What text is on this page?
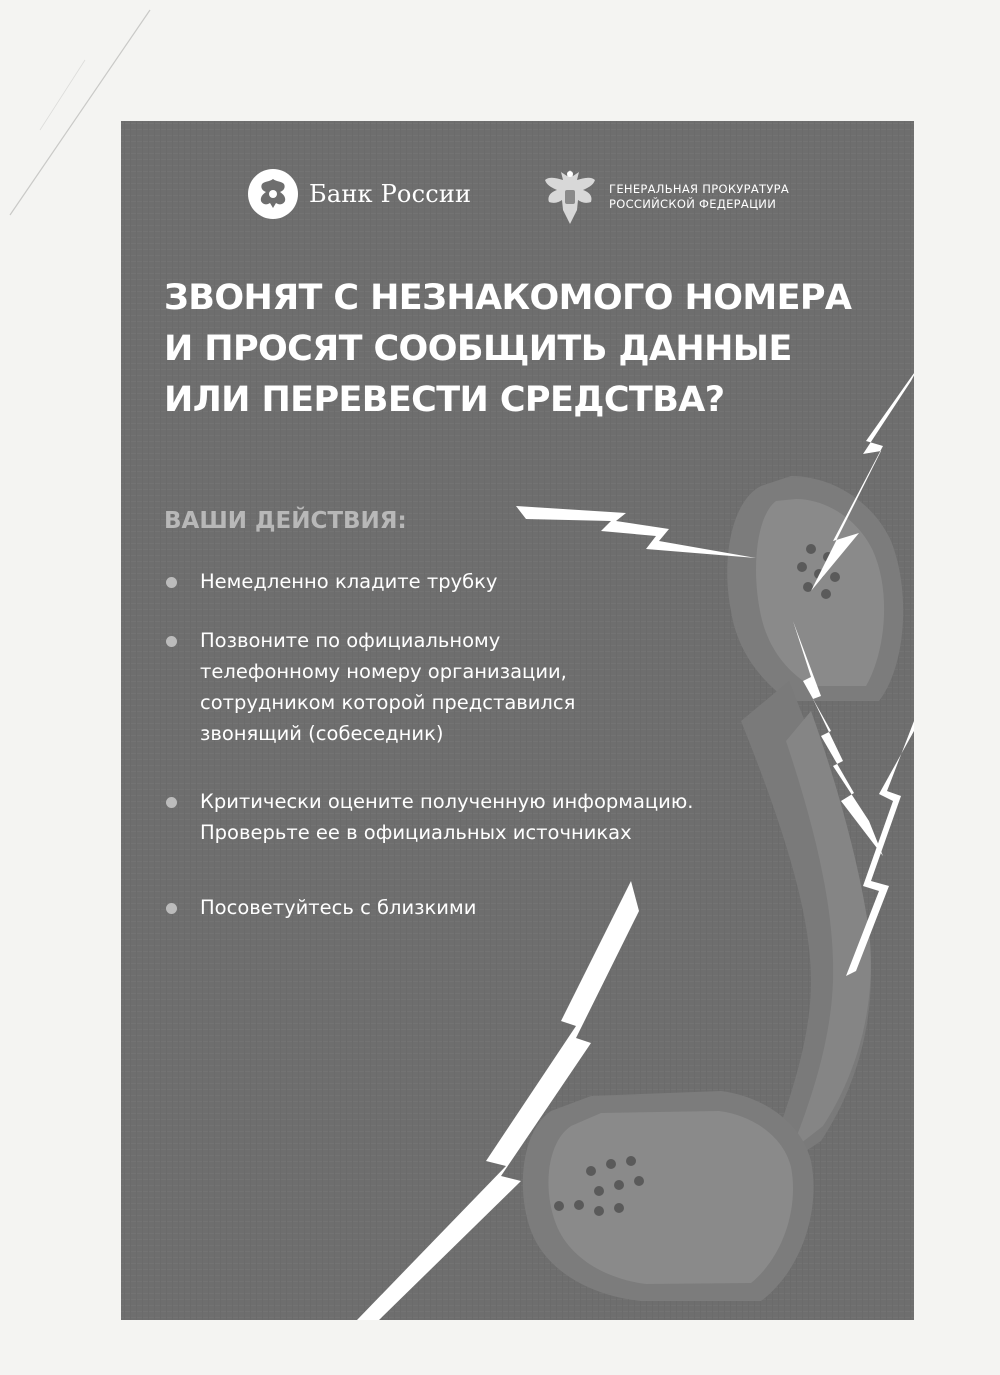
Банк России	ГЕНЕРАЛЬНАЯ ПРОКУРАТУРА РОССИЙСКОЙ ФЕДЕРАЦИИ
ЗВОНЯТ С НЕЗНАКОМОГО НОМЕРА
И ПРОСЯТ СООБЩИТЬ ДАННЫЕ
ИЛИ ПЕРЕВЕСТИ СРЕДСТВА?
ВАШИ ДЕЙСТВИЯ:
Немедленно кладите трубку
Позвоните по официальному
телефонному номеру организации,
сотрудником которой представился
звонящий (собеседник)
Критически оцените полученную информацию.
Проверьте ее в официальных источниках
Посоветуйтесь с близкими
